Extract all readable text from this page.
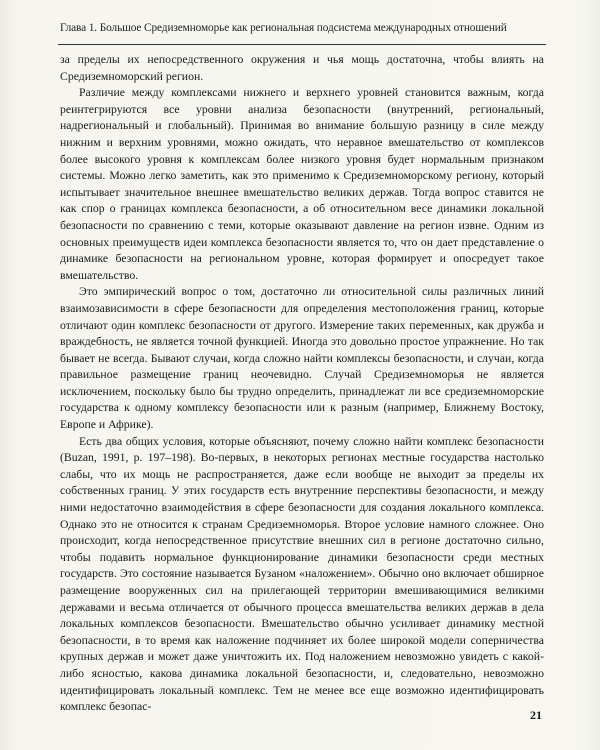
Глава 1. Большое Средиземноморье как региональная подсистема международных отношений

за пределы их непосредственного окружения и чья мощь достаточна, чтобы влиять на Средиземноморский регион.

Различие между комплексами нижнего и верхнего уровней становится важным, когда реинтегрируются все уровни анализа безопасности (внутренний, региональный, надрегиональный и глобальный). Принимая во внимание большую разницу в силе между нижним и верхним уровнями, можно ожидать, что неравное вмешательство от комплексов более высокого уровня к комплексам более низкого уровня будет нормальным признаком системы. Можно легко заметить, как это применимо к Средиземноморскому региону, который испытывает значительное внешнее вмешательство великих держав. Тогда вопрос ставится не как спор о границах комплекса безопасности, а об относительном весе динамики локальной безопасности по сравнению с теми, которые оказывают давление на регион извне. Одним из основных преимуществ идеи комплекса безопасности является то, что он дает представление о динамике безопасности на региональном уровне, которая формирует и опосредует такое вмешательство.

Это эмпирический вопрос о том, достаточно ли относительной силы различных линий взаимозависимости в сфере безопасности для определения местоположения границ, которые отличают один комплекс безопасности от другого. Измерение таких переменных, как дружба и враждебность, не является точной функцией. Иногда это довольно простое упражнение. Но так бывает не всегда. Бывают случаи, когда сложно найти комплексы безопасности, и случаи, когда правильное размещение границ неочевидно. Случай Средиземноморья не является исключением, поскольку было бы трудно определить, принадлежат ли все средиземноморские государства к одному комплексу безопасности или к разным (например, Ближнему Востоку, Европе и Африке).

Есть два общих условия, которые объясняют, почему сложно найти комплекс безопасности (Buzan, 1991, p. 197–198). Во-первых, в некоторых регионах местные государства настолько слабы, что их мощь не распространяется, даже если вообще не выходит за пределы их собственных границ. У этих государств есть внутренние перспективы безопасности, и между ними недостаточно взаимодействия в сфере безопасности для создания локального комплекса. Однако это не относится к странам Средиземноморья. Второе условие намного сложнее. Оно происходит, когда непосредственное присутствие внешних сил в регионе достаточно сильно, чтобы подавить нормальное функционирование динамики безопасности среди местных государств. Это состояние называется Бузаном «наложением». Обычно оно включает обширное размещение вооруженных сил на прилегающей территории вмешивающимися великими державами и весьма отличается от обычного процесса вмешательства великих держав в дела локальных комплексов безопасности. Вмешательство обычно усиливает динамику местной безопасности, в то время как наложение подчиняет их более широкой модели соперничества крупных держав и может даже уничтожить их. Под наложением невозможно увидеть с какой-либо ясностью, какова динамика локальной безопасности, и, следовательно, невозможно идентифицировать локальный комплекс. Тем не менее все еще возможно идентифицировать комплекс безопас-

21
